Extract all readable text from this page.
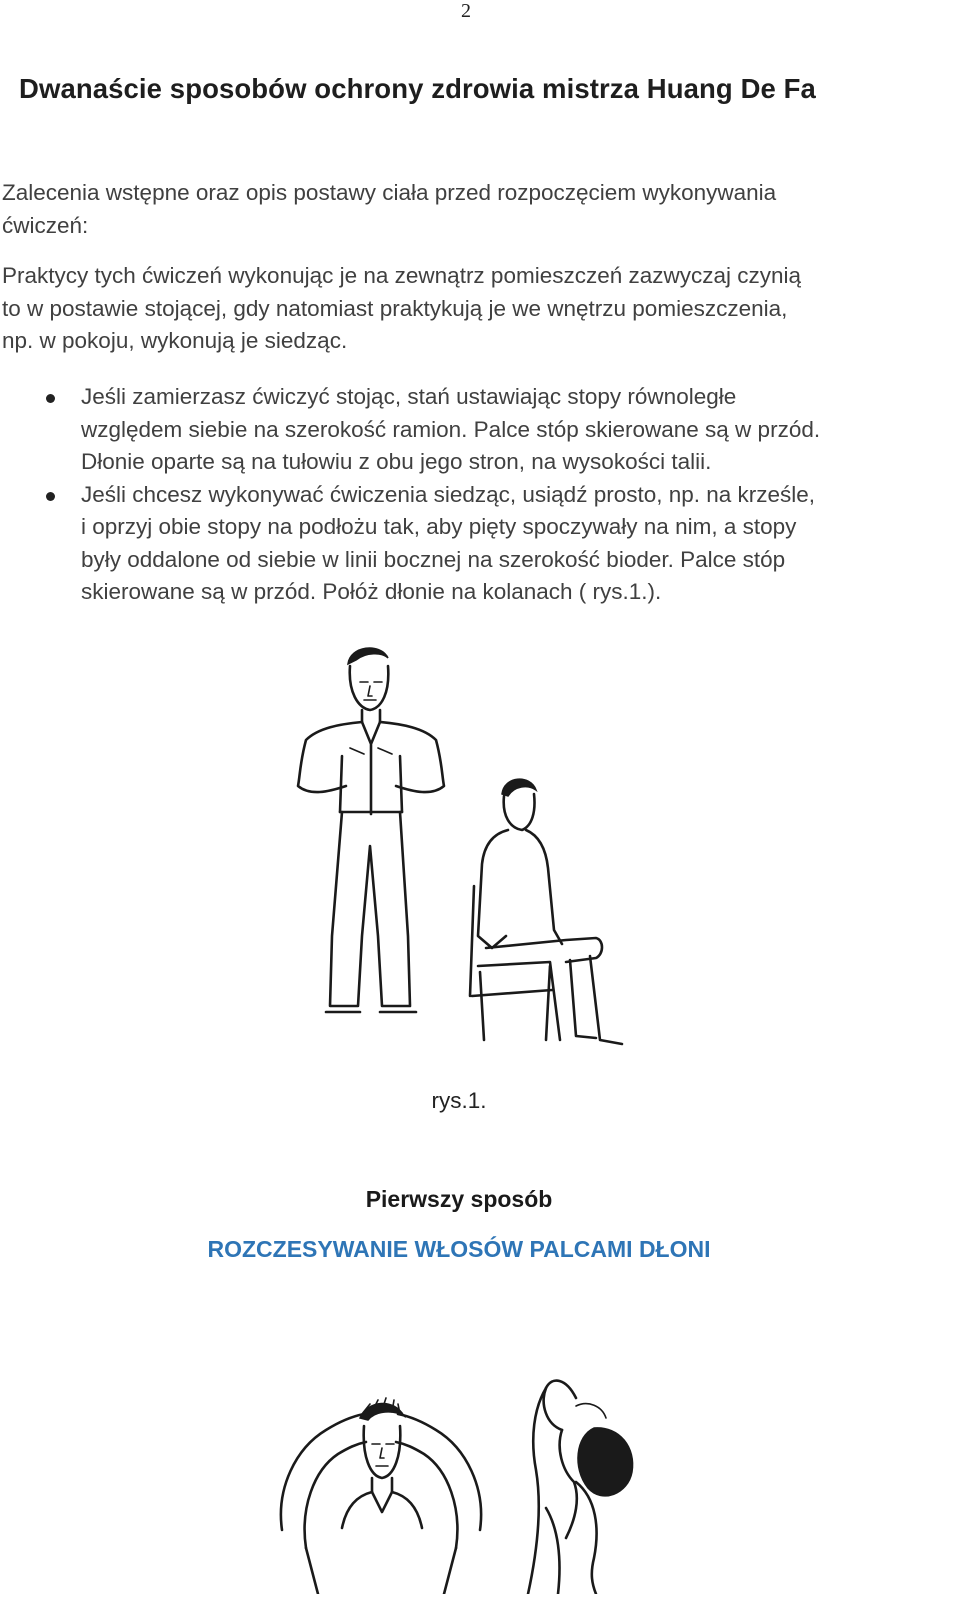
2
Dwanaście sposobów ochrony zdrowia mistrza Huang De Fa

Zalecenia wstępne oraz opis postawy ciała przed rozpoczęciem wykonywania
ćwiczeń:

Praktycy tych ćwiczeń wykonując je na zewnątrz pomieszczeń zazwyczaj czynią
to w postawie stojącej, gdy natomiast praktykują je we wnętrzu pomieszczenia,
np. w pokoju, wykonują je siedząc.

Jeśli zamierzasz ćwiczyć stojąc, stań ustawiając stopy równoległe
względem siebie na szerokość ramion. Palce stóp skierowane są w przód.
Dłonie oparte są na tułowiu z obu jego stron, na wysokości talii.
Jeśli chcesz wykonywać ćwiczenia siedząc, usiądź prosto, np. na krześle,
i oprzyj obie stopy na podłożu tak, aby pięty spoczywały na nim, a stopy
były oddalone od siebie w linii bocznej na szerokość bioder. Palce stóp
skierowane są w przód. Połóż dłonie na kolanach ( rys.1.).
rys.1.
Pierwszy sposób
ROZCZESYWANIE WŁOSÓW PALCAMI DŁONI
